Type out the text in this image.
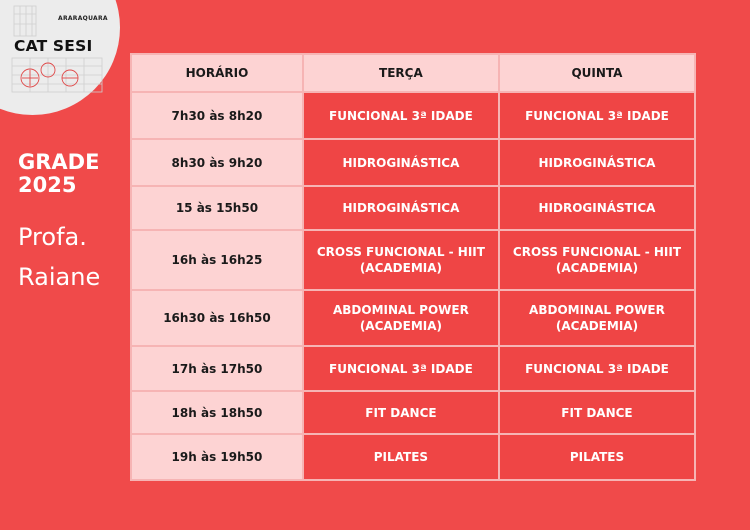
ARARAQUARA
CAT SESI
GRADE
2025
Profa.
Raiane
HORÁRIO	TERÇA	QUINTA
7h30 às 8h20	FUNCIONAL 3ª IDADE	FUNCIONAL 3ª IDADE
8h30 às 9h20	HIDROGINÁSTICA	HIDROGINÁSTICA
15 às 15h50	HIDROGINÁSTICA	HIDROGINÁSTICA
16h às 16h25	CROSS FUNCIONAL - HIIT (ACADEMIA)	CROSS FUNCIONAL - HIIT (ACADEMIA)
16h30 às 16h50	ABDOMINAL POWER (ACADEMIA)	ABDOMINAL POWER (ACADEMIA)
17h às 17h50	FUNCIONAL 3ª IDADE	FUNCIONAL 3ª IDADE
18h às 18h50	FIT DANCE	FIT DANCE
19h às 19h50	PILATES	PILATES
